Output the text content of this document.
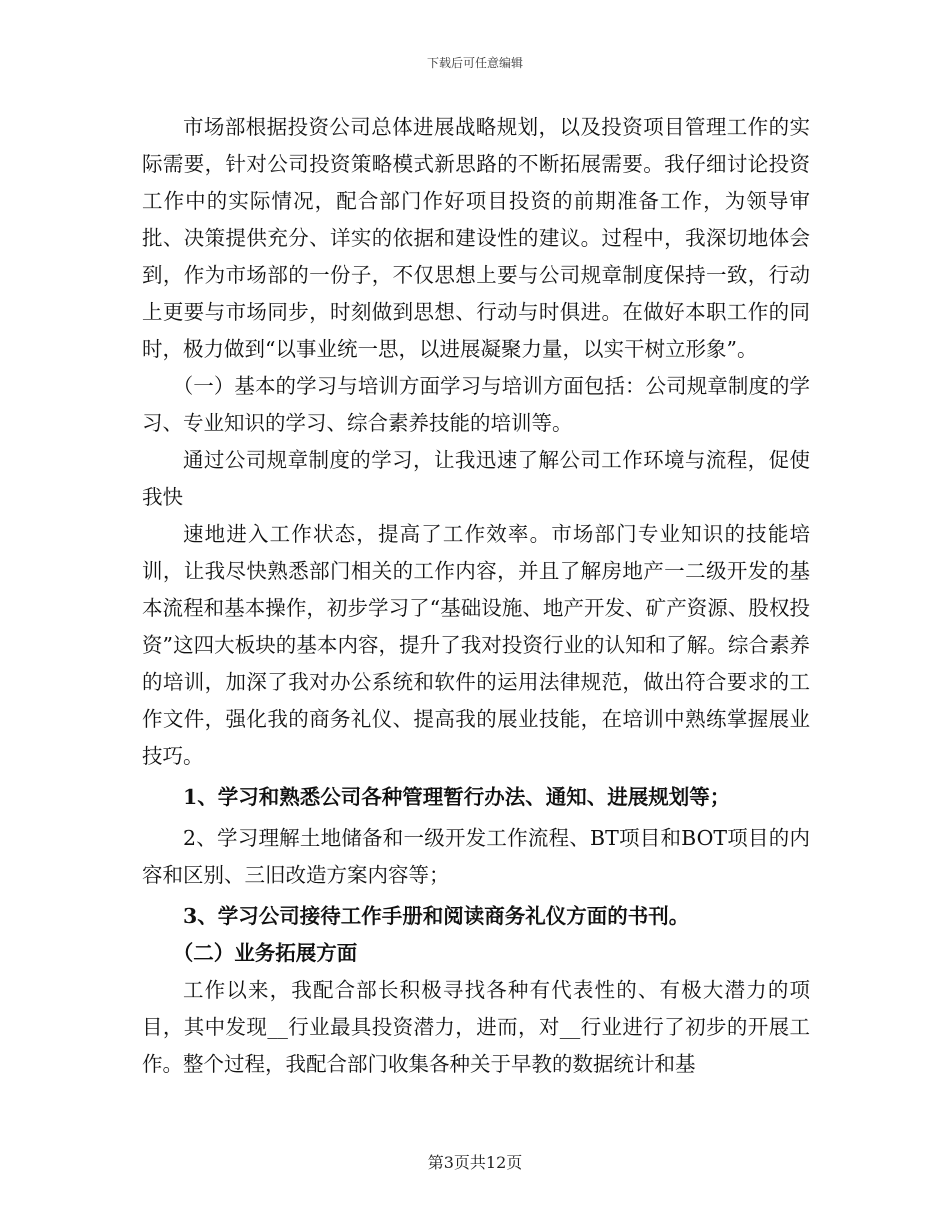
下载后可任意编辑

市场部根据投资公司总体进展战略规划，以及投资项目管理工作的实际需要，针对公司投资策略模式新思路的不断拓展需要。我仔细讨论投资工作中的实际情况，配合部门作好项目投资的前期准备工作，为领导审批、决策提供充分、详实的依据和建设性的建议。过程中，我深切地体会到，作为市场部的一份子，不仅思想上要与公司规章制度保持一致，行动上更要与市场同步，时刻做到思想、行动与时俱进。在做好本职工作的同时，极力做到“以事业统一思，以进展凝聚力量，以实干树立形象”。

（一）基本的学习与培训方面学习与培训方面包括：公司规章制度的学习、专业知识的学习、综合素养技能的培训等。

通过公司规章制度的学习，让我迅速了解公司工作环境与流程，促使我快

速地进入工作状态，提高了工作效率。市场部门专业知识的技能培训，让我尽快熟悉部门相关的工作内容，并且了解房地产一二级开发的基本流程和基本操作，初步学习了“基础设施、地产开发、矿产资源、股权投资”这四大板块的基本内容，提升了我对投资行业的认知和了解。综合素养的培训，加深了我对办公系统和软件的运用法律规范，做出符合要求的工作文件，强化我的商务礼仪、提高我的展业技能，在培训中熟练掌握展业技巧。

1、学习和熟悉公司各种管理暂行办法、通知、进展规划等；

2、学习理解土地储备和一级开发工作流程、BT项目和BOT项目的内容和区别、三旧改造方案内容等；

3、学习公司接待工作手册和阅读商务礼仪方面的书刊。

（二）业务拓展方面

工作以来，我配合部长积极寻找各种有代表性的、有极大潜力的项目，其中发现__行业最具投资潜力，进而，对__行业进行了初步的开展工作。整个过程，我配合部门收集各种关于早教的数据统计和基

第3页共12页
